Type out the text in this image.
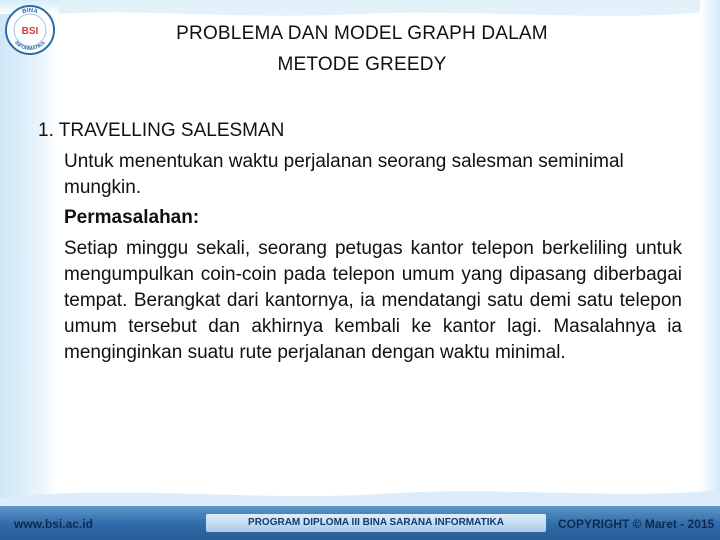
BINA
INFORMATIKA
BSI	PROBLEMA DAN MODEL GRAPH DALAM
METODE GREEDY
1. TRAVELLING SALESMAN
Untuk menentukan waktu perjalanan seorang salesman seminimal mungkin.
Permasalahan:
Setiap minggu sekali, seorang petugas kantor telepon berkeliling untuk mengumpulkan coin-coin pada telepon umum yang dipasang diberbagai tempat. Berangkat dari kantornya, ia mendatangi satu demi satu telepon umum tersebut dan akhirnya kembali ke kantor lagi. Masalahnya ia menginginkan suatu rute perjalanan dengan waktu minimal.
www.bsi.ac.id	PROGRAM DIPLOMA III BINA SARANA INFORMATIKA	COPYRIGHT © Maret - 2015
